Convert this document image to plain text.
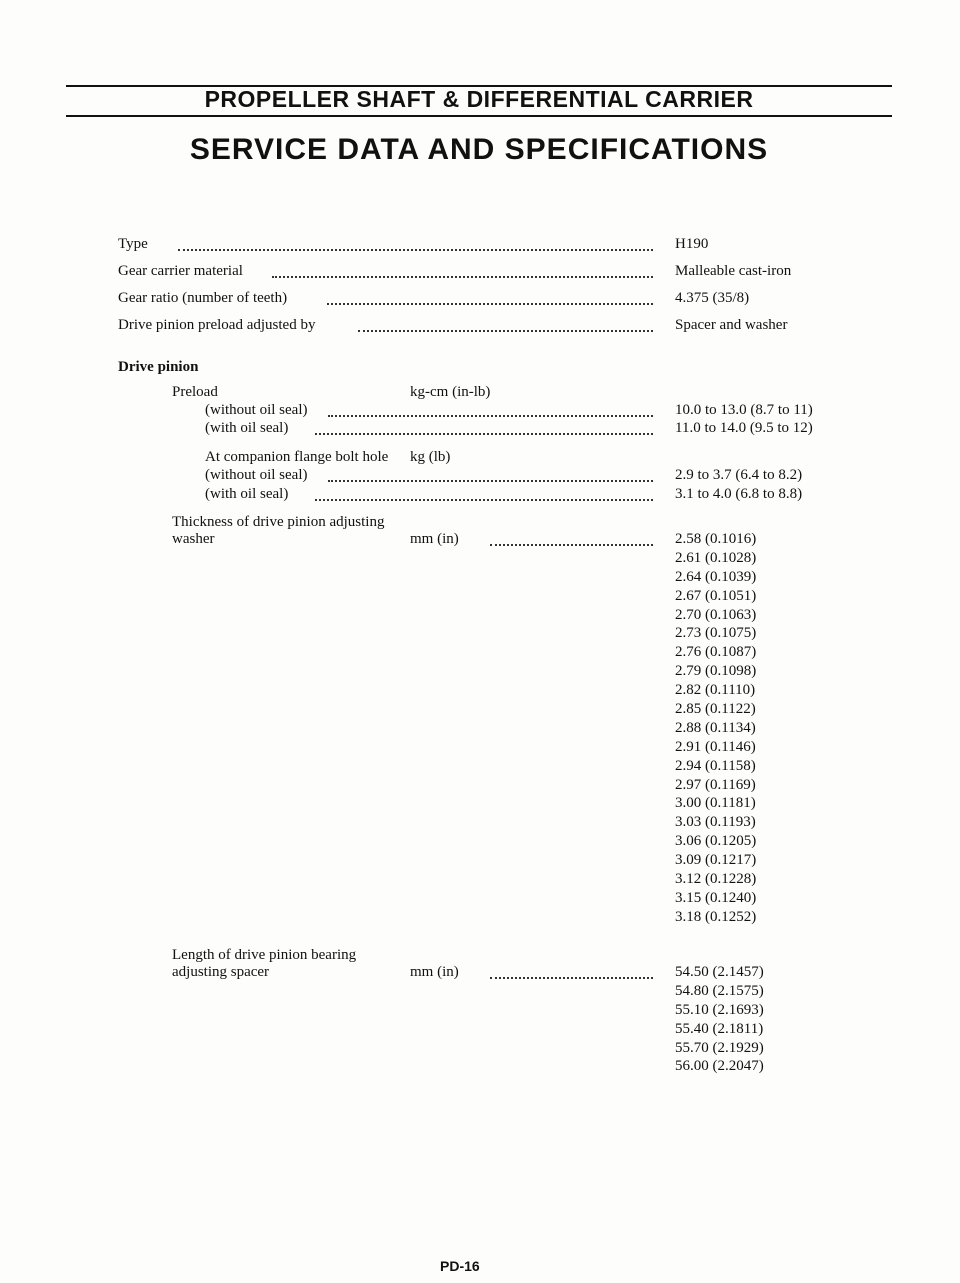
PROPELLER SHAFT & DIFFERENTIAL CARRIER
SERVICE DATA AND SPECIFICATIONS
Type	H190
Gear carrier material	Malleable cast-iron
Gear ratio (number of teeth)	4.375 (35/8)
Drive pinion preload adjusted by	Spacer and washer
Drive pinion
Preload	kg-cm (in-lb)
(without oil seal)	10.0 to 13.0 (8.7 to 11)
(with oil seal)	11.0 to 14.0 (9.5 to 12)
At companion flange bolt hole kg (lb)
(without oil seal)	2.9 to 3.7 (6.4 to 8.2)
(with oil seal)	3.1 to 4.0 (6.8 to 8.8)
Thickness of drive pinion adjusting
washer	mm (in)	2.58 (0.1016)
2.61 (0.1028)
2.64 (0.1039)
2.67 (0.1051)
2.70 (0.1063)
2.73 (0.1075)
2.76 (0.1087)
2.79 (0.1098)
2.82 (0.1110)
2.85 (0.1122)
2.88 (0.1134)
2.91 (0.1146)
2.94 (0.1158)
2.97 (0.1169)
3.00 (0.1181)
3.03 (0.1193)
3.06 (0.1205)
3.09 (0.1217)
3.12 (0.1228)
3.15 (0.1240)
3.18 (0.1252)
Length of drive pinion bearing
adjusting spacer	mm (in)	54.50 (2.1457)
54.80 (2.1575)
55.10 (2.1693)
55.40 (2.1811)
55.70 (2.1929)
56.00 (2.2047)
PD-16
